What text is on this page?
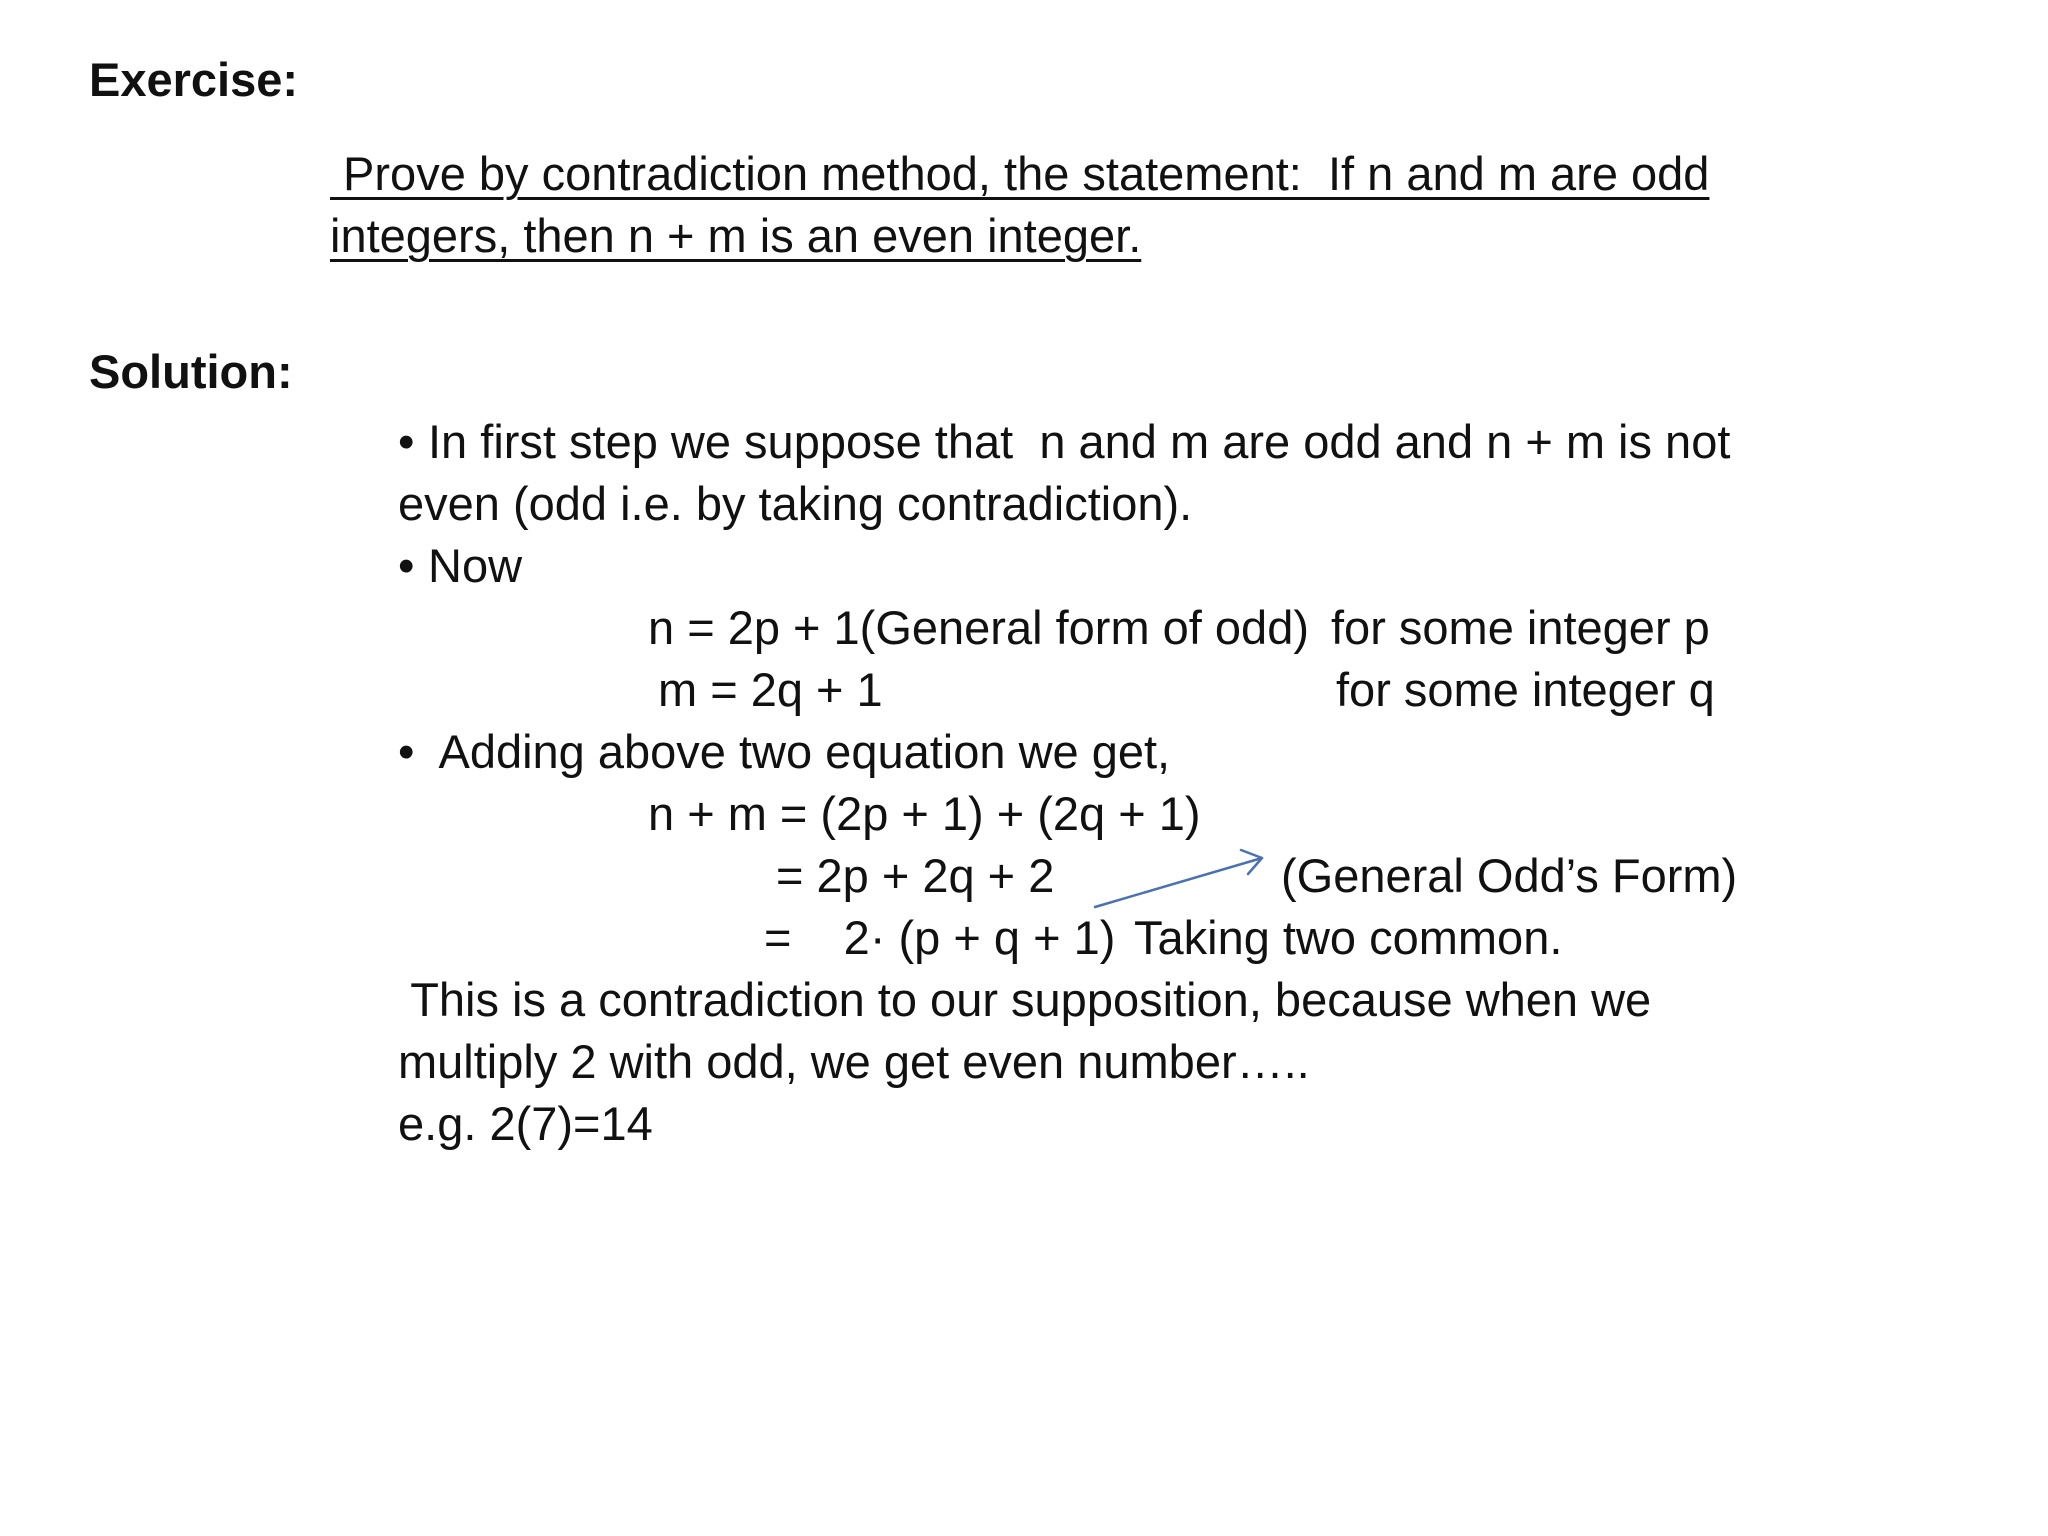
Exercise:
Prove by contradiction method, the statement:  If n and m are odd
integers, then n + m is an even integer.
Solution:
• In first step we suppose that  n and m are odd and n + m is not
even (odd i.e. by taking contradiction).
• Now
n = 2p + 1(General form of odd) for some integer p
m = 2q + 1	for some integer q
• Adding above two equation we get,
n + m = (2p + 1) + (2q + 1)
= 2p + 2q + 2	(General Odd’s Form)
=    2· (p + q + 1) Taking two common.
This is a contradiction to our supposition, because when we
multiply 2 with odd, we get even number…..
e.g. 2(7)=14
